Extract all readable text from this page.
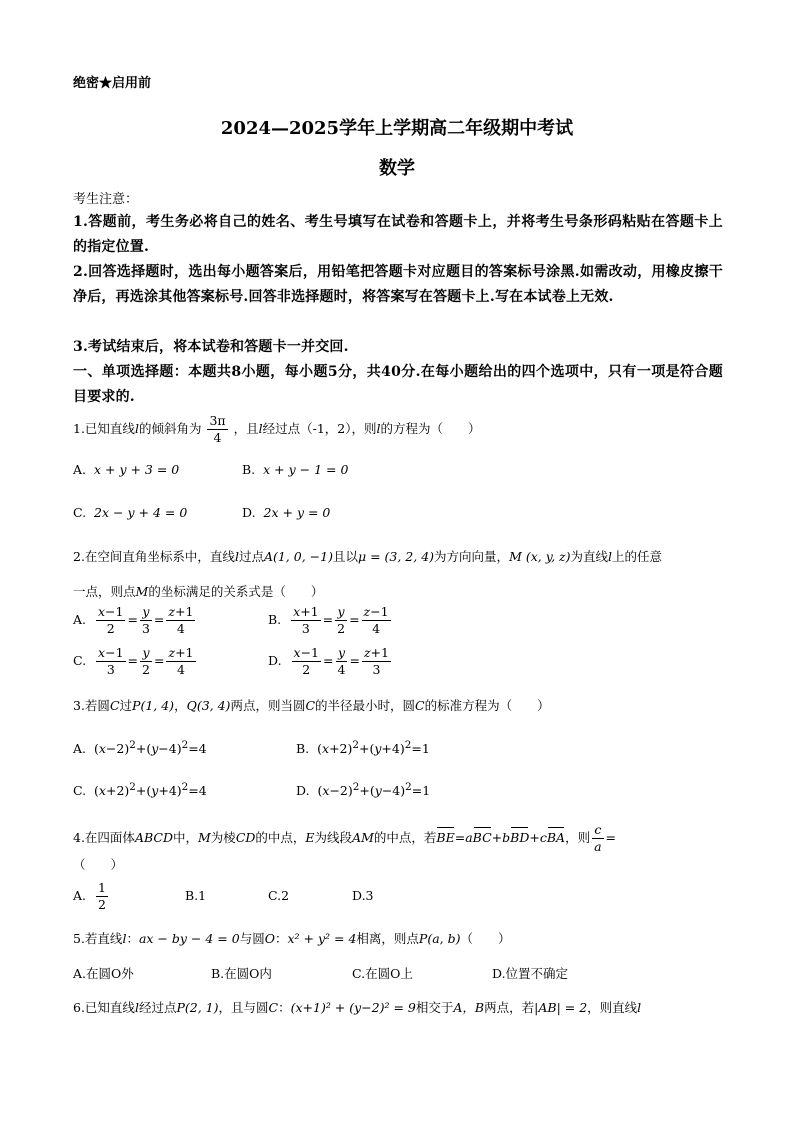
绝密★启用前
2024—2025学年上学期高二年级期中考试
数学
考生注意：
1.答题前，考生务必将自己的姓名、考生号填写在试卷和答题卡上，并将考生号条形码粘贴在答题卡上的指定位置.
2.回答选择题时，选出每小题答案后，用铅笔把答题卡对应题目的答案标号涂黑.如需改动，用橡皮擦干净后，再选涂其他答案标号.回答非选择题时，将答案写在答题卡上.写在本试卷上无效.
3.考试结束后，将本试卷和答题卡一并交回.
一、单项选择题：本题共8小题，每小题5分，共40分.在每小题给出的四个选项中，只有一项是符合题目要求的.
1.已知直线l的倾斜角为 $\frac{3\pi}{4}$ ，且l经过点（-1，2），则l的方程为（　　）
A. x + y + 3 = 0	B. x + y − 1 = 0
C. 2x − y + 4 = 0	D. 2x + y = 0
2.在空间直角坐标系中，直线l过点A(1, 0, −1)且以μ = (3, 2, 4)为方向向量，M (x, y, z)为直线l上的任意
一点，则点M的坐标满足的关系式是（　　）
A. $\frac{x-1}{2} = \frac{y}{3} = \frac{z+1}{4}$	B. $\frac{x+1}{3} = \frac{y}{2} = \frac{z-1}{4}$
C. $\frac{x-1}{3} = \frac{y}{2} = \frac{z+1}{4}$	D. $\frac{x-1}{2} = \frac{y}{4} = \frac{z+1}{3}$
3.若圆C过P(1, 4)，Q(3, 4)两点，则当圆C的半径最小时，圆C的标准方程为（　　）
A.  $(x-2)^2+(y-4)^2=4$	B.  $(x+2)^2+(y+4)^2=1$
C.  $(x+2)^2+(y+4)^2=4$	D.  $(x-2)^2+(y-4)^2=1$
4.在四面体ABCD中，M为棱CD的中点，E为线段AM的中点，若BE=aBC+bBD+cBA，则 $\frac{c}{a}$ =
（　　）
A. $\frac{1}{2}$	B.1	C.2	D.3
5.若直线l：ax − by − 4 = 0与圆O：x² + y² = 4相离，则点P(a, b)（　　）
A.在圆O外	B.在圆O内	C.在圆O上	D.位置不确定
6.已知直线l经过点P(2, 1)，且与圆C：(x+1)² + (y−2)² = 9相交于A，B两点，若|AB| = 2，则直线l
